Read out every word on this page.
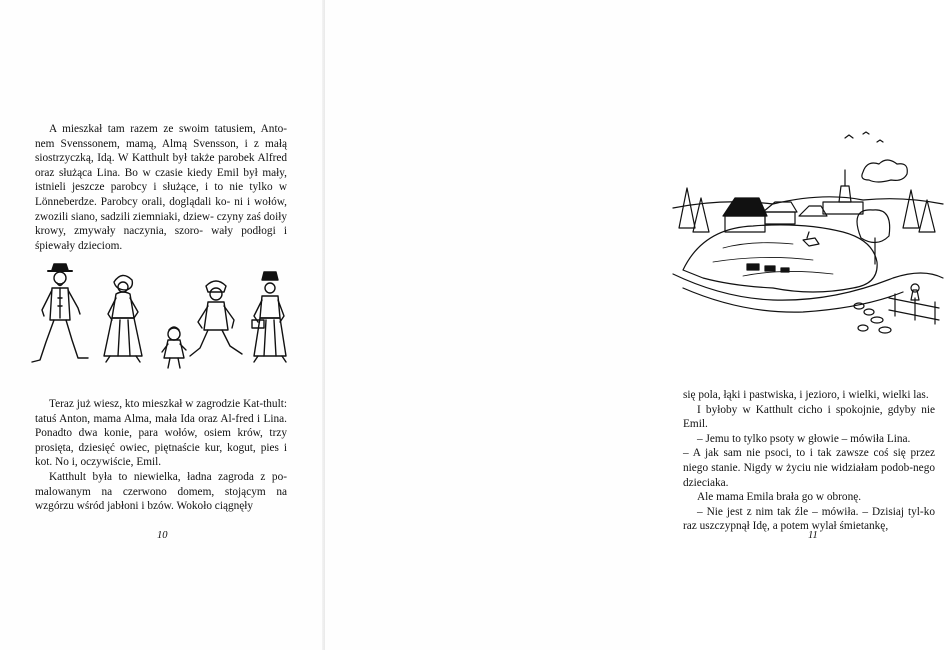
A mieszkał tam razem ze swoim tatusiem, Anto- nem Svenssonem, mamą, Almą Svensson, i z małą siostrzyczką, Idą. W Katthult był także parobek Alfred oraz służąca Lina. Bo w czasie kiedy Emil był mały, istnieli jeszcze parobcy i służące, i to nie tylko w Lönneberdze. Parobcy orali, doglądali ko- ni i wołów, zwozili siano, sadzili ziemniaki, dziew- czyny zaś doiły krowy, zmywały naczynia, szoro- wały podłogi i śpiewały dzieciom.

Teraz już wiesz, kto mieszkał w zagrodzie Kat-thult: tatuś Anton, mama Alma, mała Ida oraz Al-fred i Lina. Ponadto dwa konie, para wołów, osiem krów, trzy prosięta, dziesięć owiec, piętnaście kur, kogut, pies i kot. No i, oczywiście, Emil.

Katthult była to niewielka, ładna zagroda z po-malowanym na czerwono domem, stojącym na wzgórzu wśród jabłoni i bzów. Wokoło ciągnęły

10

się pola, łąki i pastwiska, i jezioro, i wielki, wielki las.

I byłoby w Katthult cicho i spokojnie, gdyby nie Emil.

– Jemu to tylko psoty w głowie – mówiła Lina.

– A jak sam nie psoci, to i tak zawsze coś się przez niego stanie. Nigdy w życiu nie widziałam podob-nego dzieciaka.

Ale mama Emila brała go w obronę.

– Nie jest z nim tak źle – mówiła. – Dzisiaj tyl-ko raz uszczypnął Idę, a potem wylał śmietankę,

11
